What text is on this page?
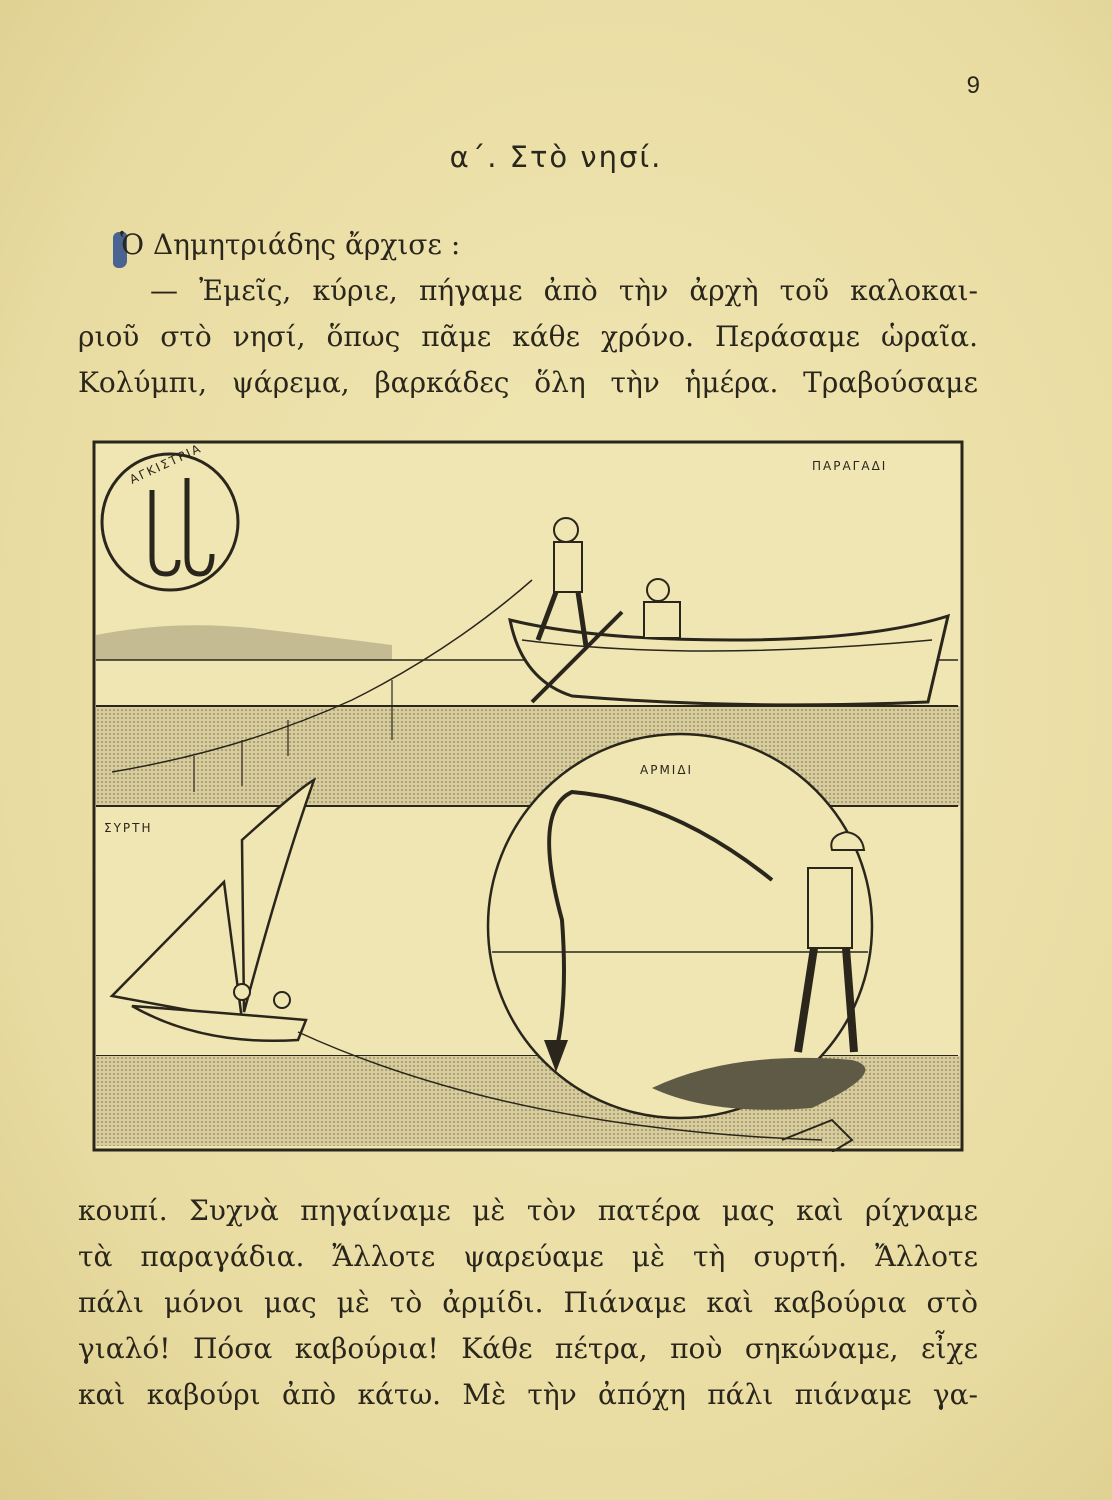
9
α΄. Στὸ νησί.

Ὁ Δημητριάδης ἄρχισε :

— Ἐμεῖς, κύριε, πήγαμε ἀπὸ τὴν ἀρχὴ τοῦ καλοκαι-

ριοῦ στὸ νησί, ὅπως πᾶμε κάθε χρόνο. Περάσαμε ὡραῖα.

Κολύμπι, ψάρεμα, βαρκάδες ὅλη τὴν ἡμέρα. Τραβούσαμε

ΑΓΚΙΣΤΡΙΑ	ΠΑΡΑΓΑΔΙ
ΣΥΡΤΗ
ΑΡΜΙΔΙ

κουπί. Συχνὰ πηγαίναμε μὲ τὸν πατέρα μας καὶ ρίχναμε

τὰ παραγάδια. Ἄλλοτε ψαρεύαμε μὲ τὴ συρτή. Ἄλλοτε

πάλι μόνοι μας μὲ τὸ ἀρμίδι. Πιάναμε καὶ καβούρια στὸ

γιαλό! Πόσα καβούρια! Κάθε πέτρα, ποὺ σηκώναμε, εἶχε

καὶ καβούρι ἀπὸ κάτω. Μὲ τὴν ἀπόχη πάλι πιάναμε γα-
